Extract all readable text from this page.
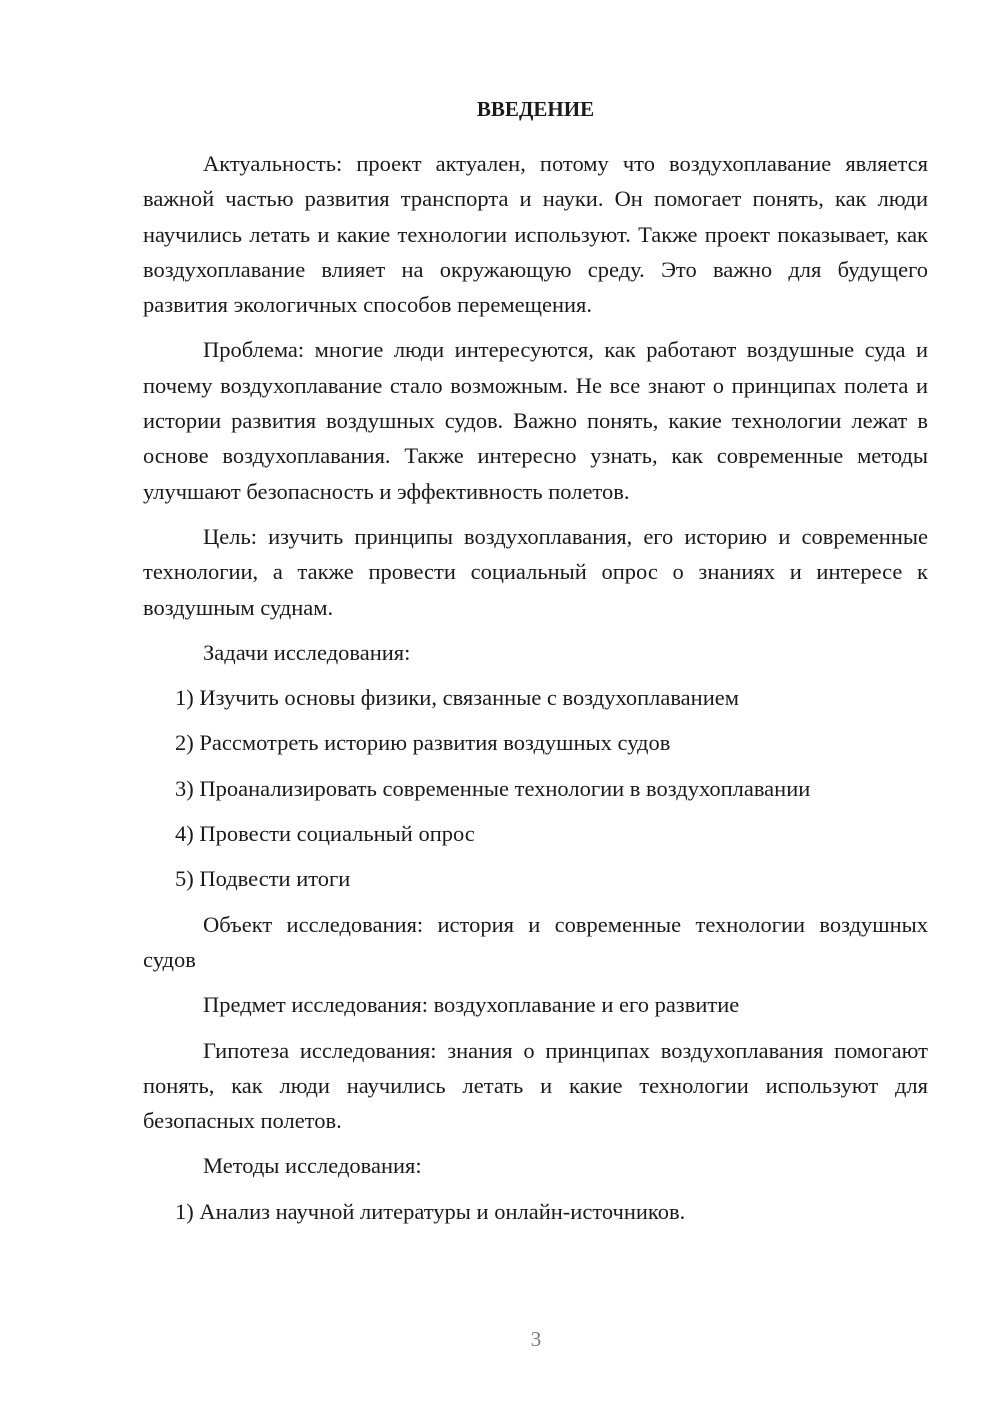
ВВЕДЕНИЕ

Актуальность: проект актуален, потому что воздухоплавание является важной частью развития транспорта и науки. Он помогает понять, как люди научились летать и какие технологии используют. Также проект показывает, как воздухоплавание влияет на окружающую среду. Это важно для будущего развития экологичных способов перемещения.

Проблема: многие люди интересуются, как работают воздушные суда и почему воздухоплавание стало возможным. Не все знают о принципах полета и истории развития воздушных судов. Важно понять, какие технологии лежат в основе воздухоплавания. Также интересно узнать, как современные методы улучшают безопасность и эффективность полетов.

Цель: изучить принципы воздухоплавания, его историю и современные технологии, а также провести социальный опрос о знаниях и интересе к воздушным суднам.

Задачи исследования:

1) Изучить основы физики, связанные с воздухоплаванием
2) Рассмотреть историю развития воздушных судов
3) Проанализировать современные технологии в воздухоплавании
4) Провести социальный опрос
5) Подвести итоги

Объект исследования: история и современные технологии воздушных судов

Предмет исследования: воздухоплавание и его развитие

Гипотеза исследования: знания о принципах воздухоплавания помогают понять, как люди научились летать и какие технологии используют для безопасных полетов.

Методы исследования:

1) Анализ научной литературы и онлайн-источников.
3
